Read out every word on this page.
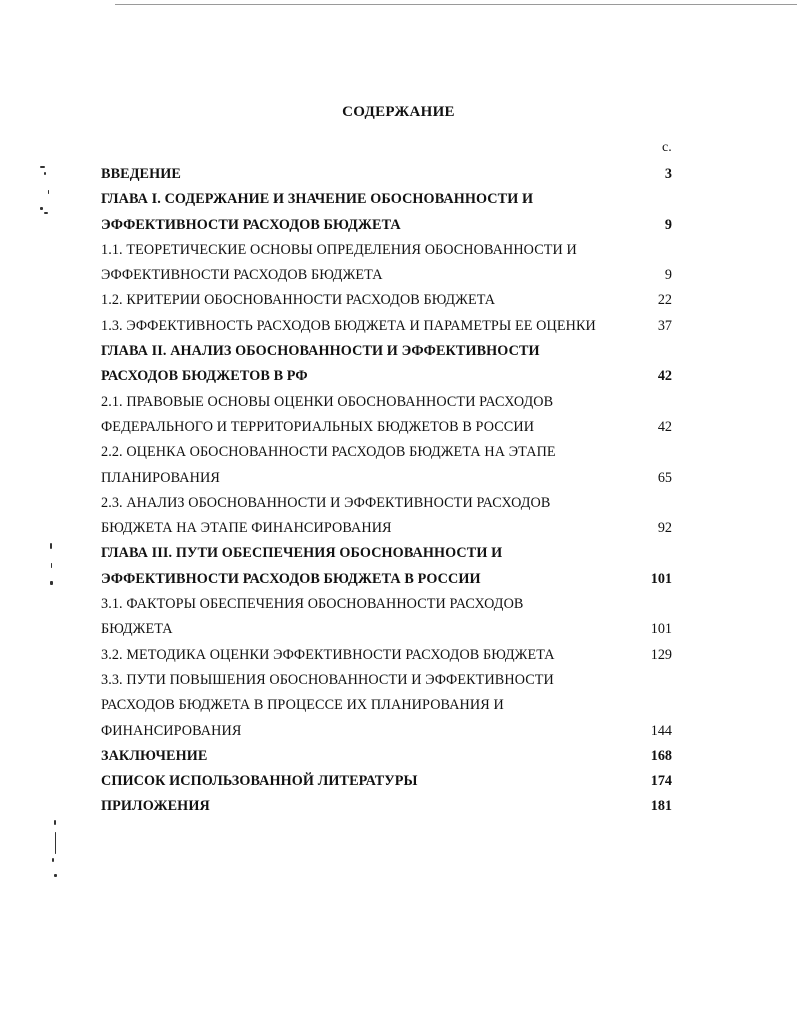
СОДЕРЖАНИЕ
с.
ВВЕДЕНИЕ	3
ГЛАВА I. СОДЕРЖАНИЕ И ЗНАЧЕНИЕ ОБОСНОВАННОСТИ И
ЭФФЕКТИВНОСТИ РАСХОДОВ БЮДЖЕТА	9
1.1. ТЕОРЕТИЧЕСКИЕ ОСНОВЫ ОПРЕДЕЛЕНИЯ ОБОСНОВАННОСТИ И
ЭФФЕКТИВНОСТИ РАСХОДОВ БЮДЖЕТА	9
1.2. КРИТЕРИИ ОБОСНОВАННОСТИ РАСХОДОВ БЮДЖЕТА	22
1.3. ЭФФЕКТИВНОСТЬ РАСХОДОВ БЮДЖЕТА И ПАРАМЕТРЫ ЕЕ ОЦЕНКИ	37
ГЛАВА II. АНАЛИЗ ОБОСНОВАННОСТИ И ЭФФЕКТИВНОСТИ
РАСХОДОВ БЮДЖЕТОВ В РФ	42
2.1. ПРАВОВЫЕ ОСНОВЫ ОЦЕНКИ ОБОСНОВАННОСТИ РАСХОДОВ
ФЕДЕРАЛЬНОГО И ТЕРРИТОРИАЛЬНЫХ БЮДЖЕТОВ В РОССИИ	42
2.2. ОЦЕНКА ОБОСНОВАННОСТИ РАСХОДОВ БЮДЖЕТА НА ЭТАПЕ
ПЛАНИРОВАНИЯ	65
2.3. АНАЛИЗ ОБОСНОВАННОСТИ И ЭФФЕКТИВНОСТИ РАСХОДОВ
БЮДЖЕТА НА ЭТАПЕ ФИНАНСИРОВАНИЯ	92
ГЛАВА III. ПУТИ ОБЕСПЕЧЕНИЯ ОБОСНОВАННОСТИ И
ЭФФЕКТИВНОСТИ РАСХОДОВ БЮДЖЕТА В РОССИИ	101
3.1. ФАКТОРЫ ОБЕСПЕЧЕНИЯ ОБОСНОВАННОСТИ РАСХОДОВ
БЮДЖЕТА	101
3.2. МЕТОДИКА ОЦЕНКИ ЭФФЕКТИВНОСТИ РАСХОДОВ БЮДЖЕТА	129
3.3. ПУТИ ПОВЫШЕНИЯ ОБОСНОВАННОСТИ И ЭФФЕКТИВНОСТИ
РАСХОДОВ БЮДЖЕТА В ПРОЦЕССЕ ИХ ПЛАНИРОВАНИЯ И
ФИНАНСИРОВАНИЯ	144
ЗАКЛЮЧЕНИЕ	168
СПИСОК ИСПОЛЬЗОВАННОЙ ЛИТЕРАТУРЫ	174
ПРИЛОЖЕНИЯ	181
